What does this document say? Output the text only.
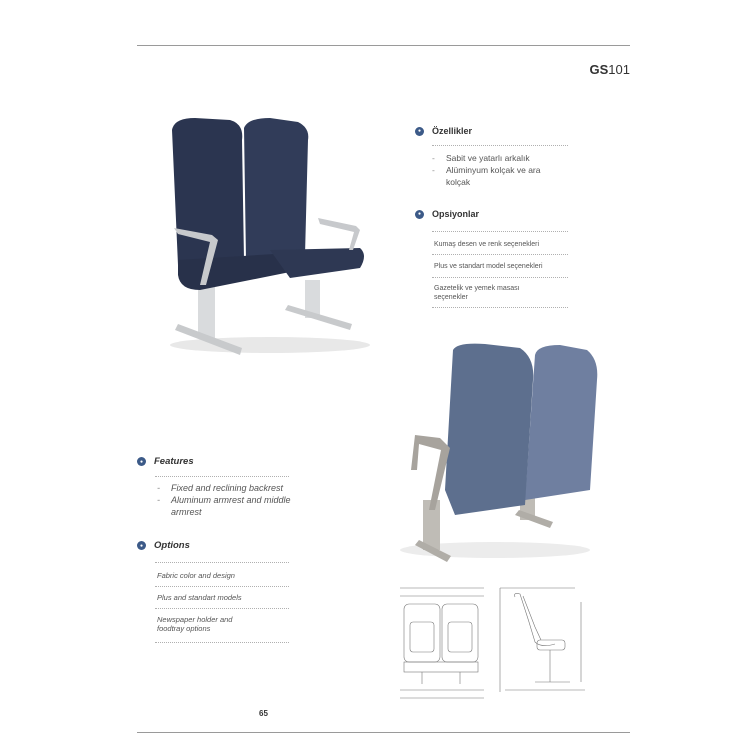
GS101
●	Özellikler
- Sabit ve yatarlı arkalık
- Alüminyum kolçak ve ara kolçak
●	Opsiyonlar
Kumaş desen ve renk seçenekleri
Plus ve standart model seçenekleri
Gazetelik ve yemek masası seçenekler
●	Features
- Fixed and reclining backrest
- Aluminum armrest and middle armrest
●	Options
Fabric color and design
Plus and standart models
Newspaper holder and foodtray options
65
